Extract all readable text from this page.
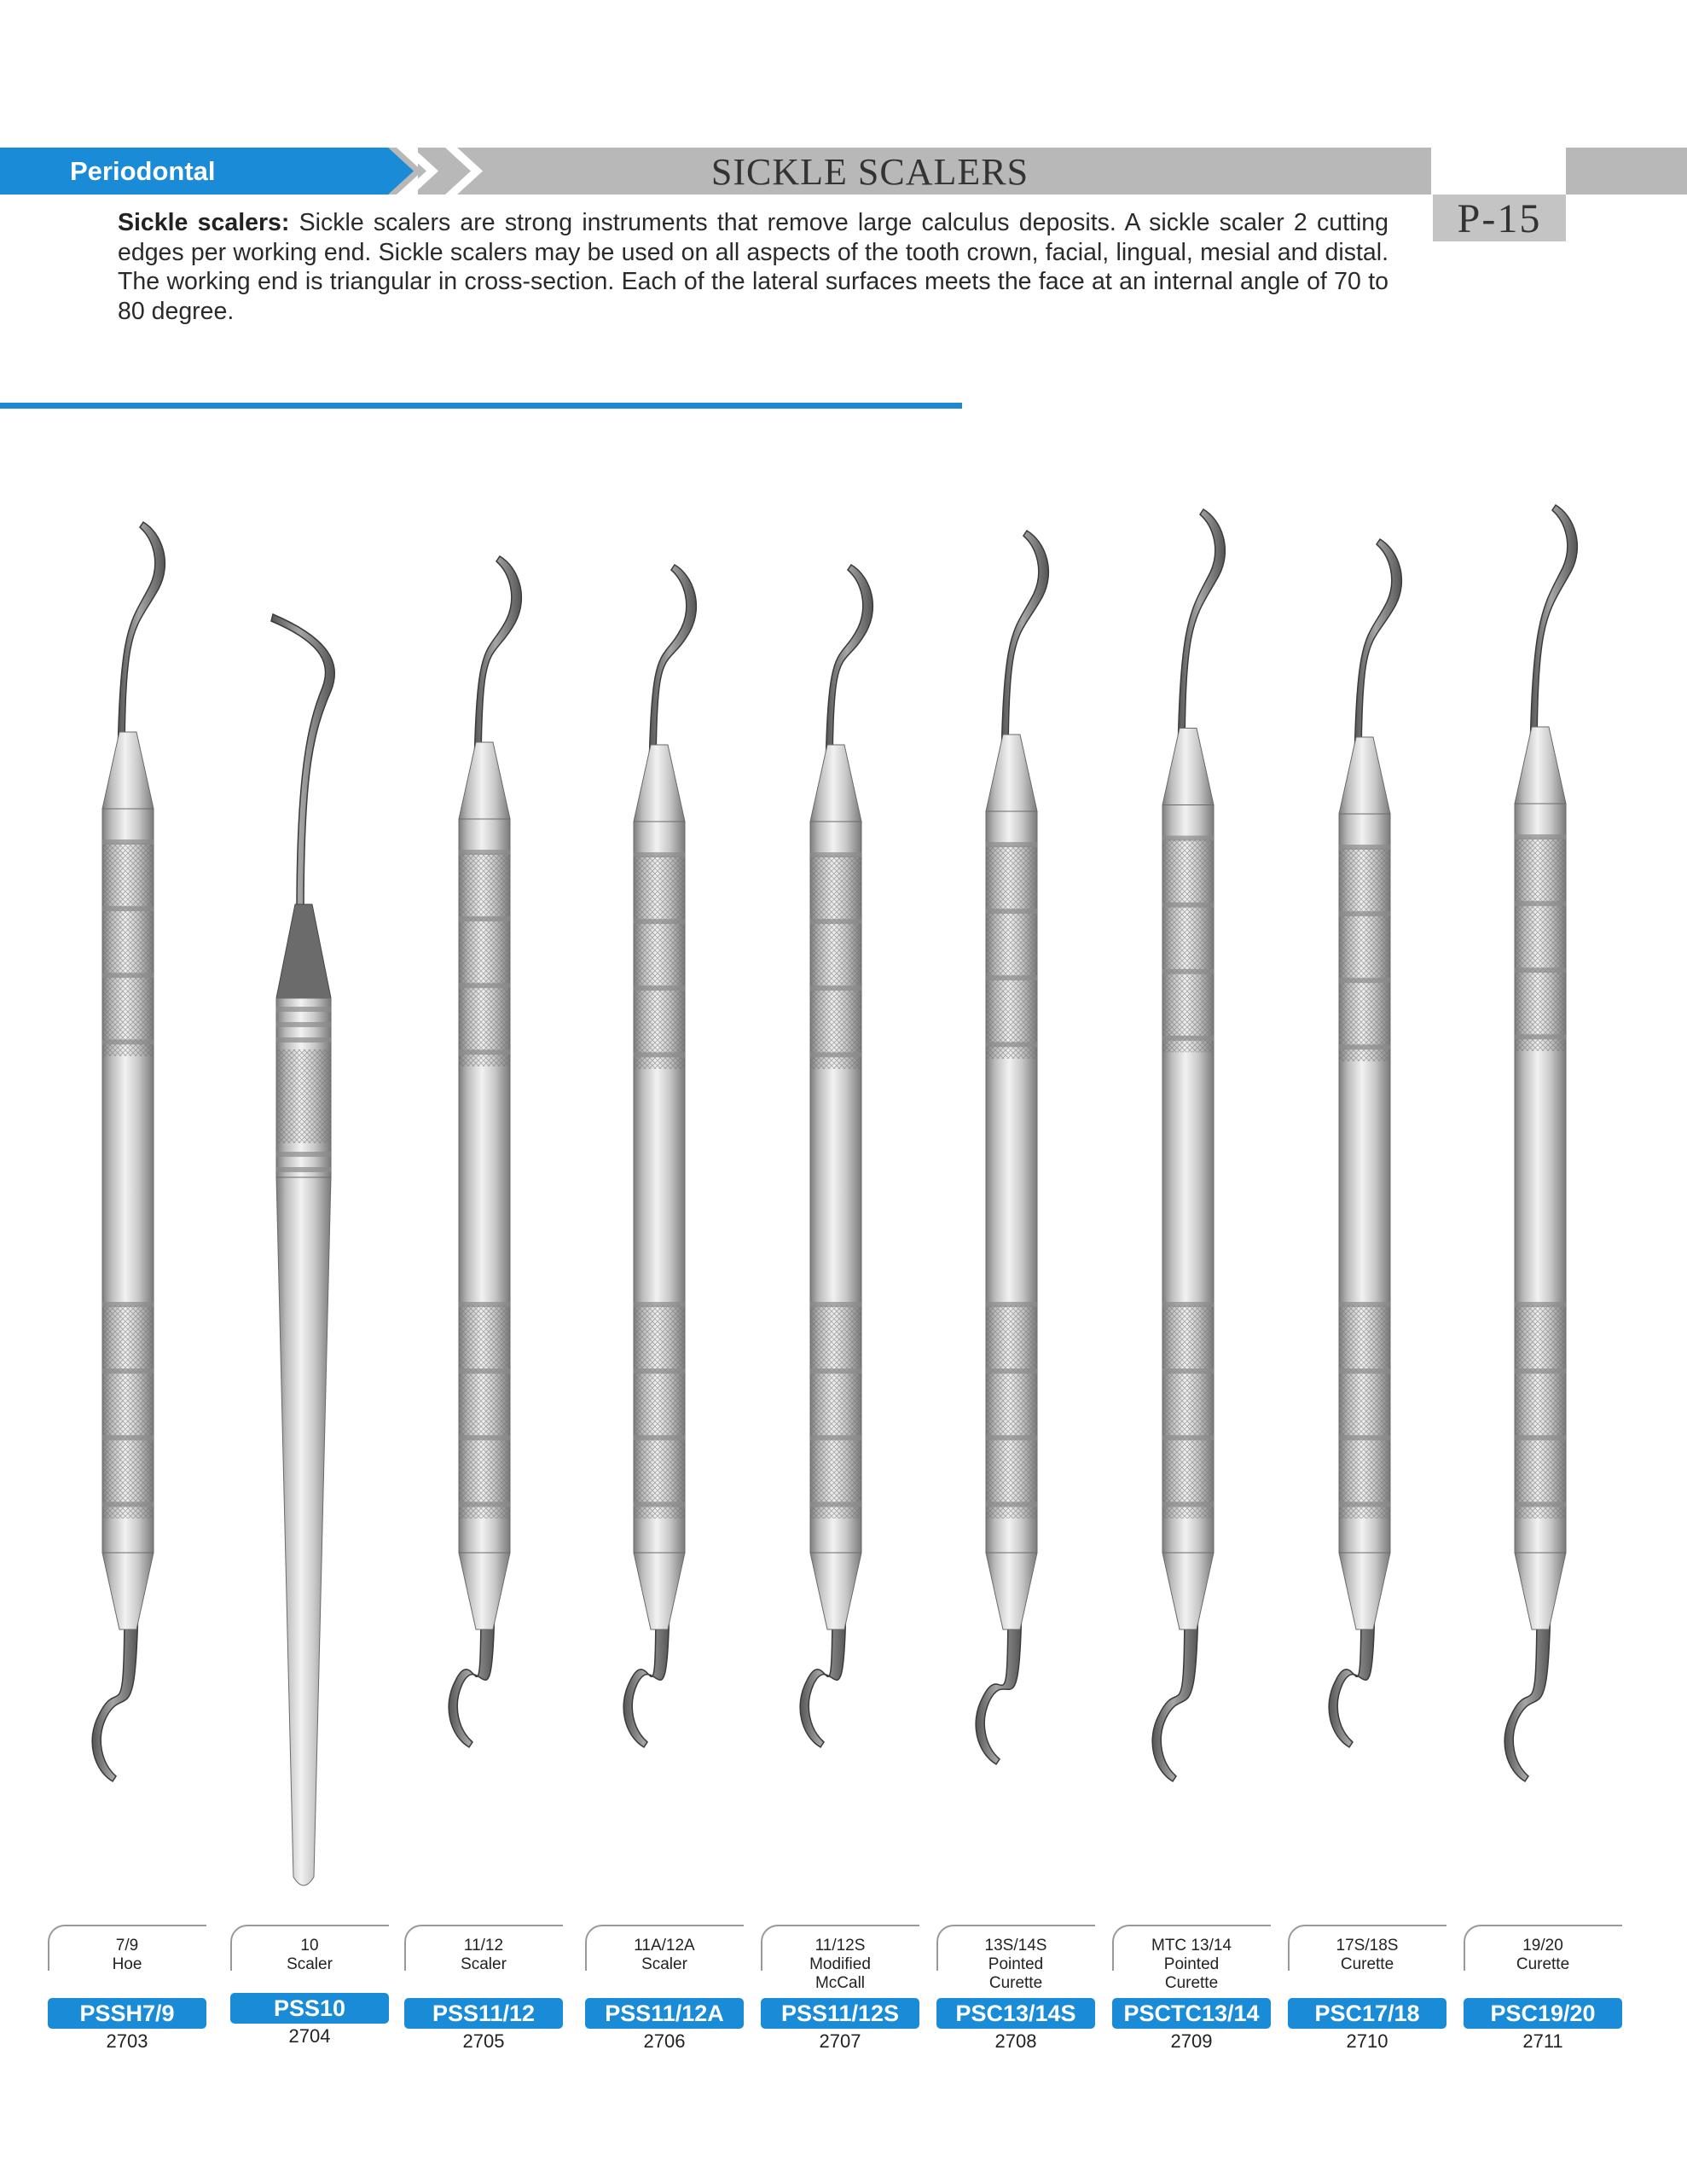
Periodontal	SICKLE SCALERS
P-15
Sickle scalers: Sickle scalers are strong instruments that remove large calculus deposits. A sickle scaler 2 cutting edges per working end. Sickle scalers may be used on all aspects of the tooth crown, facial, lingual, mesial and distal. The working end is triangular in cross-section. Each of the lateral surfaces meets the face at an internal angle of 70 to 80 degree.
7/9
Hoe
PSSH7/9
2703
10
Scaler
PSS10
2704
11/12
Scaler
PSS11/12
2705
11A/12A
Scaler
PSS11/12A
2706
11/12S
Modified
McCall
PSS11/12S
2707
13S/14S
Pointed
Curette
PSC13/14S
2708
MTC 13/14
Pointed
Curette
PSCTC13/14
2709
17S/18S
Curette
PSC17/18
2710
19/20
Curette
PSC19/20
2711
